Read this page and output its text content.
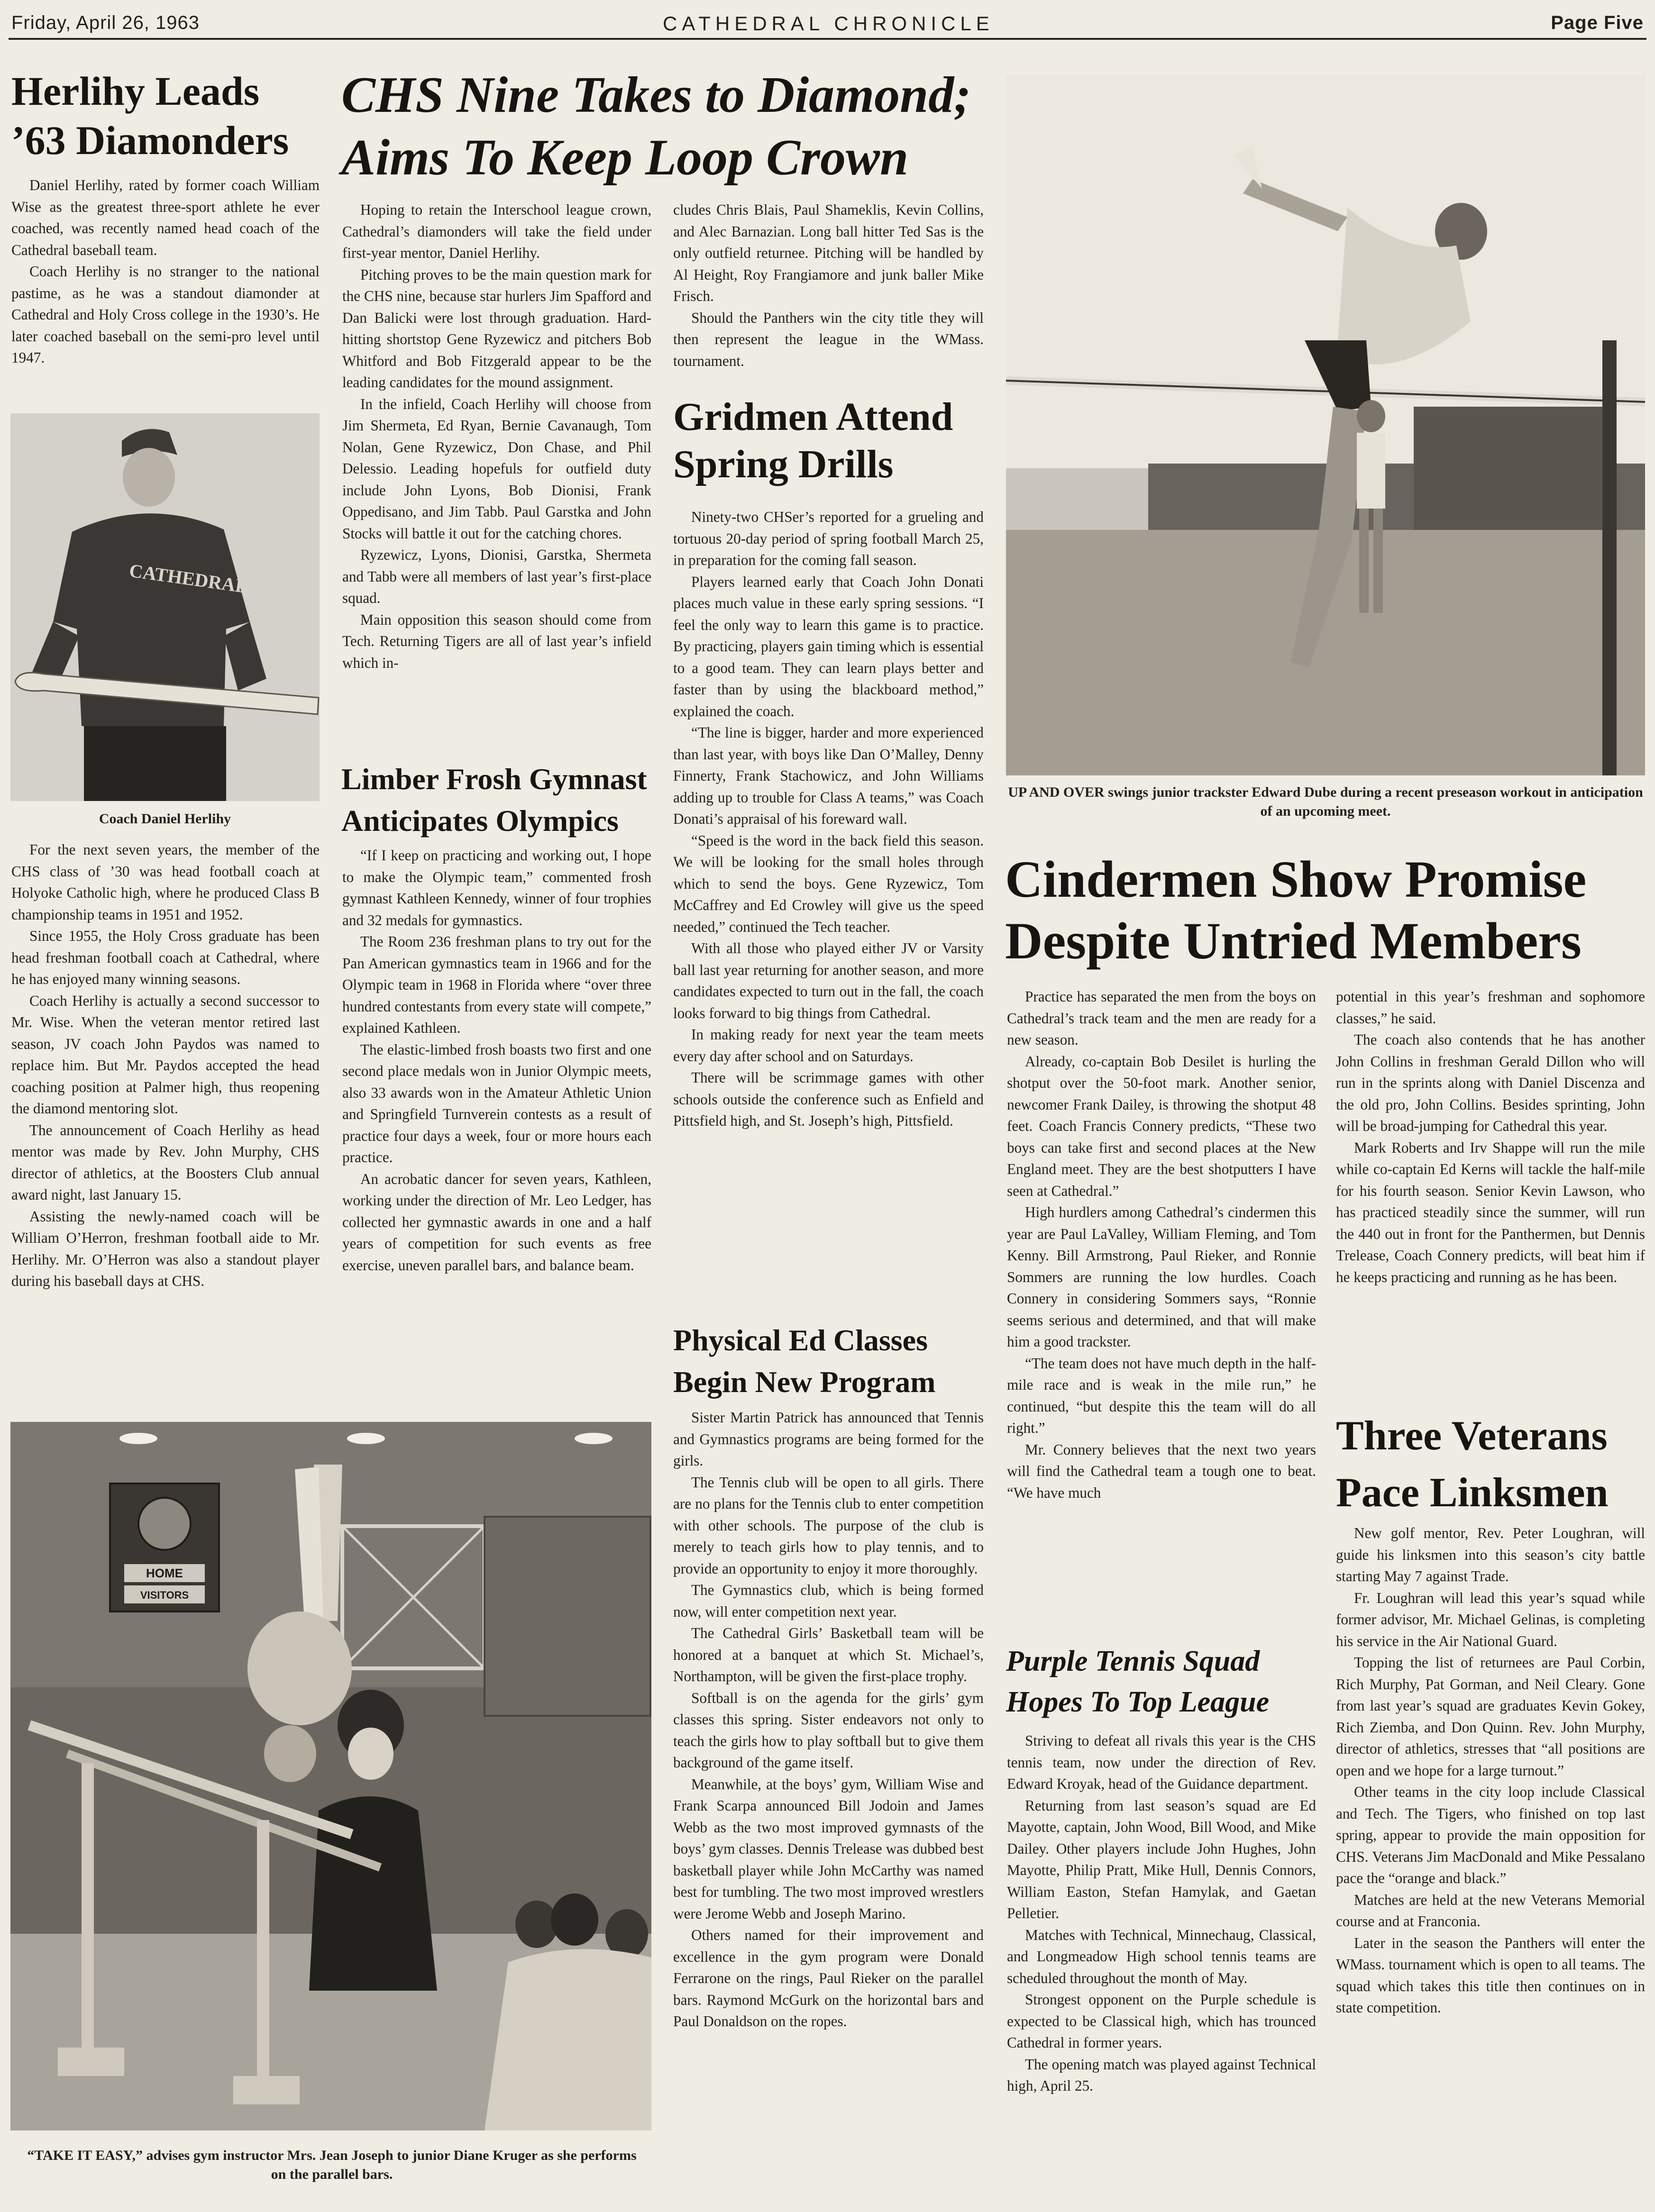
Friday, April 26, 1963	CATHEDRAL CHRONICLE	Page Five
Herlihy Leads
’63 Diamonders

Daniel Herlihy, rated by former coach William Wise as the greatest three-sport athlete he ever coached, was recently named head coach of the Cathedral baseball team.

Coach Herlihy is no stranger to the national pastime, as he was a standout diamonder at Cathedral and Holy Cross college in the 1930’s. He later coached baseball on the semi-pro level until 1947.

CATHEDRAL
Coach Daniel Herlihy

For the next seven years, the member of the CHS class of ’30 was head football coach at Holyoke Catholic high, where he produced Class B championship teams in 1951 and 1952.

Since 1955, the Holy Cross graduate has been head freshman football coach at Cathedral, where he has enjoyed many winning seasons.

Coach Herlihy is actually a second successor to Mr. Wise. When the veteran mentor retired last season, JV coach John Paydos was named to replace him. But Mr. Paydos accepted the head coaching position at Palmer high, thus reopening the diamond mentoring slot.

The announcement of Coach Herlihy as head mentor was made by Rev. John Murphy, CHS director of athletics, at the Boosters Club annual award night, last January 15.

Assisting the newly-named coach will be William O’Herron, freshman football aide to Mr. Herlihy. Mr. O’Herron was also a standout player during his baseball days at CHS.

CHS Nine Takes to Diamond;
Aims To Keep Loop Crown

Hoping to retain the Interschool league crown, Cathedral’s diamonders will take the field under first-year mentor, Daniel Herlihy.

Pitching proves to be the main question mark for the CHS nine, because star hurlers Jim Spafford and Dan Balicki were lost through graduation. Hard-hitting shortstop Gene Ryzewicz and pitchers Bob Whitford and Bob Fitzgerald appear to be the leading candidates for the mound assignment.

In the infield, Coach Herlihy will choose from Jim Shermeta, Ed Ryan, Bernie Cavanaugh, Tom Nolan, Gene Ryzewicz, Don Chase, and Phil Delessio. Leading hopefuls for outfield duty include John Lyons, Bob Dionisi, Frank Oppedisano, and Jim Tabb. Paul Garstka and John Stocks will battle it out for the catching chores.

Ryzewicz, Lyons, Dionisi, Garstka, Shermeta and Tabb were all members of last year’s first-place squad.

Main opposition this season should come from Tech. Returning Tigers are all of last year’s infield which in-

cludes Chris Blais, Paul Shameklis, Kevin Collins, and Alec Barnazian. Long ball hitter Ted Sas is the only outfield returnee. Pitching will be handled by Al Height, Roy Frangiamore and junk baller Mike Frisch.

Should the Panthers win the city title they will then represent the league in the WMass. tournament.

Limber Frosh Gymnast
Anticipates Olympics

“If I keep on practicing and working out, I hope to make the Olympic team,” commented frosh gymnast Kathleen Kennedy, winner of four trophies and 32 medals for gymnastics.

The Room 236 freshman plans to try out for the Pan American gymnastics team in 1966 and for the Olympic team in 1968 in Florida where “over three hundred contestants from every state will compete,” explained Kathleen.

The elastic-limbed frosh boasts two first and one second place medals won in Junior Olympic meets, also 33 awards won in the Amateur Athletic Union and Springfield Turnverein contests as a result of practice four days a week, four or more hours each practice.

An acrobatic dancer for seven years, Kathleen, working under the direction of Mr. Leo Ledger, has collected her gymnastic awards in one and a half years of competition for such events as free exercise, uneven parallel bars, and balance beam.

Gridmen Attend
Spring Drills

Ninety-two CHSer’s reported for a grueling and tortuous 20-day period of spring football March 25, in preparation for the coming fall season.

Players learned early that Coach John Donati places much value in these early spring sessions. “I feel the only way to learn this game is to practice. By practicing, players gain timing which is essential to a good team. They can learn plays better and faster than by using the blackboard method,” explained the coach.

“The line is bigger, harder and more experienced than last year, with boys like Dan O’Malley, Denny Finnerty, Frank Stachowicz, and John Williams adding up to trouble for Class A teams,” was Coach Donati’s appraisal of his foreward wall.

“Speed is the word in the back field this season. We will be looking for the small holes through which to send the boys. Gene Ryzewicz, Tom McCaffrey and Ed Crowley will give us the speed needed,” continued the Tech teacher.

With all those who played either JV or Varsity ball last year returning for another season, and more candidates expected to turn out in the fall, the coach looks forward to big things from Cathedral.

In making ready for next year the team meets every day after school and on Saturdays.

There will be scrimmage games with other schools outside the conference such as Enfield and Pittsfield high, and St. Joseph’s high, Pittsfield.

Physical Ed Classes
Begin New Program

Sister Martin Patrick has announced that Tennis and Gymnastics programs are being formed for the girls.

The Tennis club will be open to all girls. There are no plans for the Tennis club to enter competition with other schools. The purpose of the club is merely to teach girls how to play tennis, and to provide an opportunity to enjoy it more thoroughly.

The Gymnastics club, which is being formed now, will enter competition next year.

The Cathedral Girls’ Basketball team will be honored at a banquet at which St. Michael’s, Northampton, will be given the first-place trophy.

Softball is on the agenda for the girls’ gym classes this spring. Sister endeavors not only to teach the girls how to play softball but to give them background of the game itself.

Meanwhile, at the boys’ gym, William Wise and Frank Scarpa announced Bill Jodoin and James Webb as the two most improved gymnasts of the boys’ gym classes. Dennis Trelease was dubbed best basketball player while John McCarthy was named best for tumbling. The two most improved wrestlers were Jerome Webb and Joseph Marino.

Others named for their improvement and excellence in the gym program were Donald Ferrarone on the rings, Paul Rieker on the parallel bars. Raymond McGurk on the horizontal bars and Paul Donaldson on the ropes.

HOME
VISITORS
“TAKE IT EASY,” advises gym instructor Mrs. Jean Joseph to junior Diane Kruger as she performs on the parallel bars.
UP AND OVER swings junior trackster Edward Dube during a recent preseason workout in anticipation of an upcoming meet.
Cindermen Show Promise
Despite Untried Members

Practice has separated the men from the boys on Cathedral’s track team and the men are ready for a new season.

Already, co-captain Bob Desilet is hurling the shotput over the 50-foot mark. Another senior, newcomer Frank Dailey, is throwing the shotput 48 feet. Coach Francis Connery predicts, “These two boys can take first and second places at the New England meet. They are the best shotputters I have seen at Cathedral.”

High hurdlers among Cathedral’s cindermen this year are Paul LaValley, William Fleming, and Tom Kenny. Bill Armstrong, Paul Rieker, and Ronnie Sommers are running the low hurdles. Coach Connery in considering Sommers says, “Ronnie seems serious and determined, and that will make him a good trackster.

“The team does not have much depth in the half-mile race and is weak in the mile run,” he continued, “but despite this the team will do all right.”

Mr. Connery believes that the next two years will find the Cathedral team a tough one to beat. “We have much

potential in this year’s freshman and sophomore classes,” he said.

The coach also contends that he has another John Collins in freshman Gerald Dillon who will run in the sprints along with Daniel Discenza and the old pro, John Collins. Besides sprinting, John will be broad-jumping for Cathedral this year.

Mark Roberts and Irv Shappe will run the mile while co-captain Ed Kerns will tackle the half-mile for his fourth season. Senior Kevin Lawson, who has practiced steadily since the summer, will run the 440 out in front for the Panthermen, but Dennis Trelease, Coach Connery predicts, will beat him if he keeps practicing and running as he has been.

Purple Tennis Squad
Hopes To Top League

Striving to defeat all rivals this year is the CHS tennis team, now under the direction of Rev. Edward Kroyak, head of the Guidance department.

Returning from last season’s squad are Ed Mayotte, captain, John Wood, Bill Wood, and Mike Dailey. Other players include John Hughes, John Mayotte, Philip Pratt, Mike Hull, Dennis Connors, William Easton, Stefan Hamylak, and Gaetan Pelletier.

Matches with Technical, Minnechaug, Classical, and Longmeadow High school tennis teams are scheduled throughout the month of May.

Strongest opponent on the Purple schedule is expected to be Classical high, which has trounced Cathedral in former years.

The opening match was played against Technical high, April 25.

Three Veterans
Pace Linksmen

New golf mentor, Rev. Peter Loughran, will guide his linksmen into this season’s city battle starting May 7 against Trade.

Fr. Loughran will lead this year’s squad while former advisor, Mr. Michael Gelinas, is completing his service in the Air National Guard.

Topping the list of returnees are Paul Corbin, Rich Murphy, Pat Gorman, and Neil Cleary. Gone from last year’s squad are graduates Kevin Gokey, Rich Ziemba, and Don Quinn. Rev. John Murphy, director of athletics, stresses that “all positions are open and we hope for a large turnout.”

Other teams in the city loop include Classical and Tech. The Tigers, who finished on top last spring, appear to provide the main opposition for CHS. Veterans Jim MacDonald and Mike Pessalano pace the “orange and black.”

Matches are held at the new Veterans Memorial course and at Franconia.

Later in the season the Panthers will enter the WMass. tournament which is open to all teams. The squad which takes this title then continues on in state competition.
